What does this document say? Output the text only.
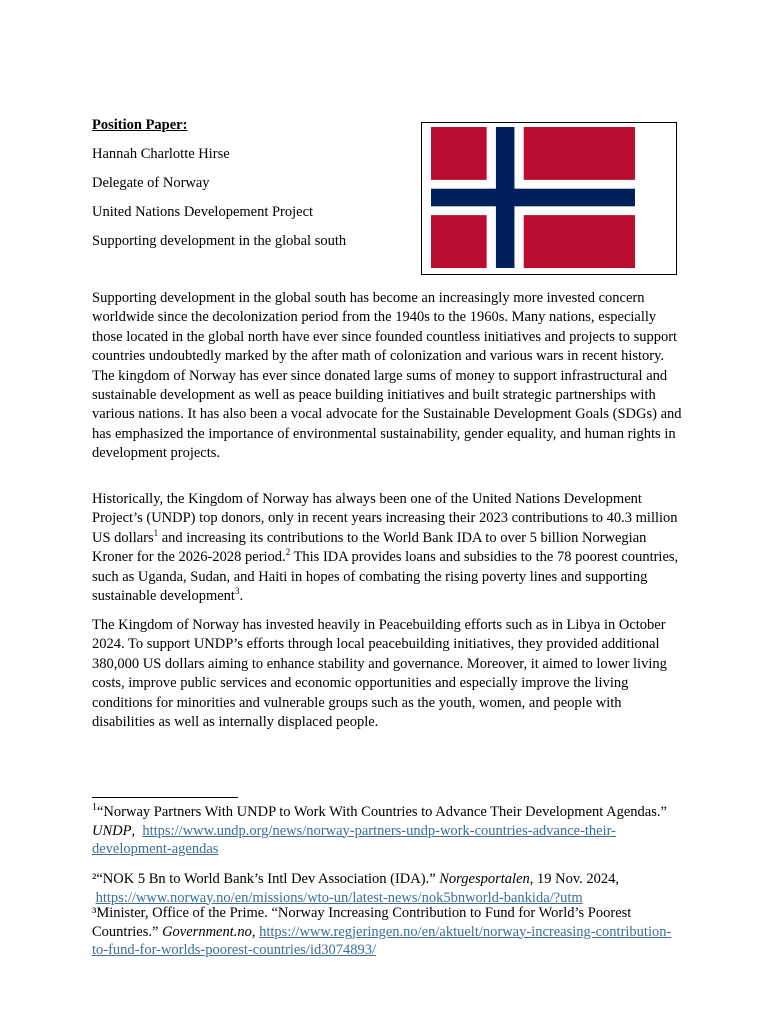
Position Paper:
Hannah Charlotte Hirse
Delegate of Norway
United Nations Developement Project
Supporting development in the global south

Supporting development in the global south has become an increasingly more invested concern worldwide since the decolonization period from the 1940s to the 1960s. Many nations, especially those located in the global north have ever since founded countless initiatives and projects to support countries undoubtedly marked by the after math of colonization and various wars in recent history. The kingdom of Norway has ever since donated large sums of money to support infrastructural and sustainable development as well as peace building initiatives and built strategic partnerships with various nations. It has also been a vocal advocate for the Sustainable Development Goals (SDGs) and has emphasized the importance of environmental sustainability, gender equality, and human rights in development projects.

Historically, the Kingdom of Norway has always been one of the United Nations Development Project’s (UNDP) top donors, only in recent years increasing their 2023 contributions to 40.3 million US dollars$^1$ and increasing its contributions to the World Bank IDA to over 5 billion Norwegian Kroner for the 2026-2028 period.$^2$ This IDA provides loans and subsidies to the 78 poorest countries, such as Uganda, Sudan, and Haiti in hopes of combating the rising poverty lines and supporting sustainable development$^3$.

The Kingdom of Norway has invested heavily in Peacebuilding efforts such as in Libya in October 2024. To support UNDP’s efforts through local peacebuilding initiatives, they provided additional 380,000 US dollars aiming to enhance stability and governance. Moreover, it aimed to lower living costs, improve public services and economic opportunities and especially improve the living conditions for minorities and vulnerable groups such as the youth, women, and people with disabilities as well as internally displaced people.

$^1$“Norway Partners With UNDP to Work With Countries to Advance Their Development Agendas.” UNDP,  https://www.undp.org/news/norway-partners-undp-work-countries-advance-their-development-agendas

²“NOK 5 Bn to World Bank’s Intl Dev Association (IDA).” Norgesportalen, 19 Nov. 2024,
https://www.norway.no/en/missions/wto-un/latest-news/nok5bnworld-bankida/?utm

³Minister, Office of the Prime. “Norway Increasing Contribution to Fund for World’s Poorest Countries.” Government.no, https://www.regjeringen.no/en/aktuelt/norway-increasing-contribution-to-fund-for-worlds-poorest-countries/id3074893/
